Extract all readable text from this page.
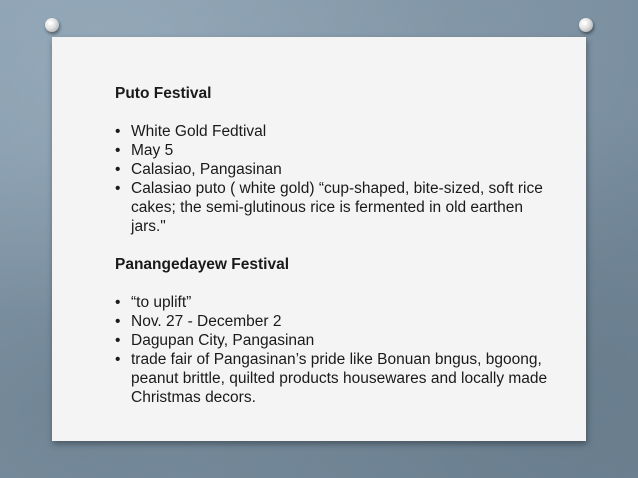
Puto Festival

• White Gold Fedtival
• May 5
• Calasiao, Pangasinan
• Calasiao puto ( white gold) “cup-shaped, bite-sized, soft rice cakes; the semi-glutinous rice is fermented in old earthen jars."

Panangedayew Festival

• “to uplift”
• Nov. 27 - December 2
• Dagupan City, Pangasinan
• trade fair of Pangasinan’s pride like Bonuan bngus, bgoong, peanut brittle, quilted products housewares and locally made Christmas decors.
